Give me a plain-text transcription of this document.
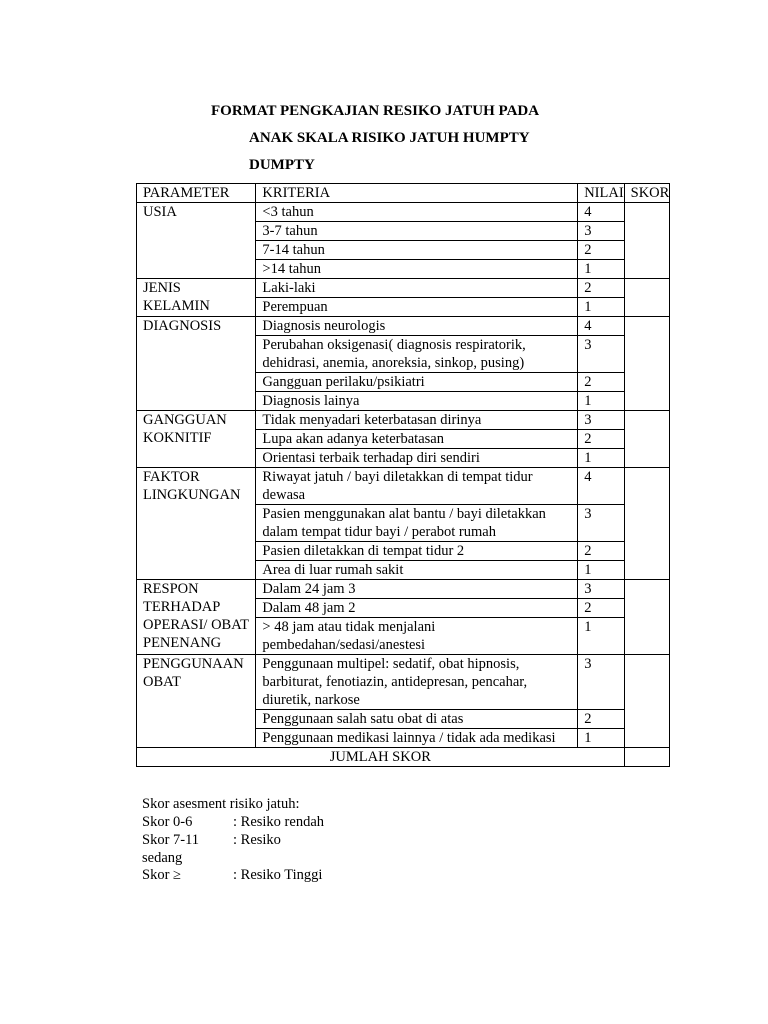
FORMAT PENGKAJIAN RESIKO JATUH PADA
ANAK SKALA RISIKO JATUH HUMPTY
DUMPTY
PARAMETER	KRITERIA	NILAI	SKOR
USIA	<3 tahun	4	
	3-7 tahun	3	
	7-14 tahun	2	
	>14 tahun	1	
JENIS KELAMIN	Laki-laki	2	
	Perempuan	1	
DIAGNOSIS	Diagnosis neurologis	4	
	Perubahan oksigenasi( diagnosis respiratorik, dehidrasi, anemia, anoreksia, sinkop, pusing)	3	
	Gangguan perilaku/psikiatri	2	
	Diagnosis lainya	1	
GANGGUAN KOKNITIF	Tidak menyadari keterbatasan dirinya	3	
	Lupa akan adanya keterbatasan	2	
	Orientasi terbaik terhadap diri sendiri	1	
FAKTOR LINGKUNGAN	Riwayat jatuh / bayi diletakkan di tempat tidur dewasa	4	
	Pasien menggunakan alat bantu / bayi diletakkan dalam tempat tidur bayi / perabot rumah	3	
	Pasien diletakkan di tempat tidur 2	2	
	Area di luar rumah sakit	1	
RESPON TERHADAP OPERASI/ OBAT PENENANG	Dalam 24 jam 3	3	
	Dalam 48 jam 2	2	
	> 48 jam atau tidak menjalani pembedahan/sedasi/anestesi	1	
PENGGUNAAN OBAT	Penggunaan multipel: sedatif, obat hipnosis, barbiturat, fenotiazin, antidepresan, pencahar, diuretik, narkose	3	
	Penggunaan salah satu obat di atas	2	
	Penggunaan medikasi lainnya / tidak ada medikasi	1	
JUMLAH SKOR			
Skor asesment risiko jatuh:
Skor 0-6	: Resiko rendah
Skor 7-11 : Resiko
sedang
Skor ≥	: Resiko Tinggi
